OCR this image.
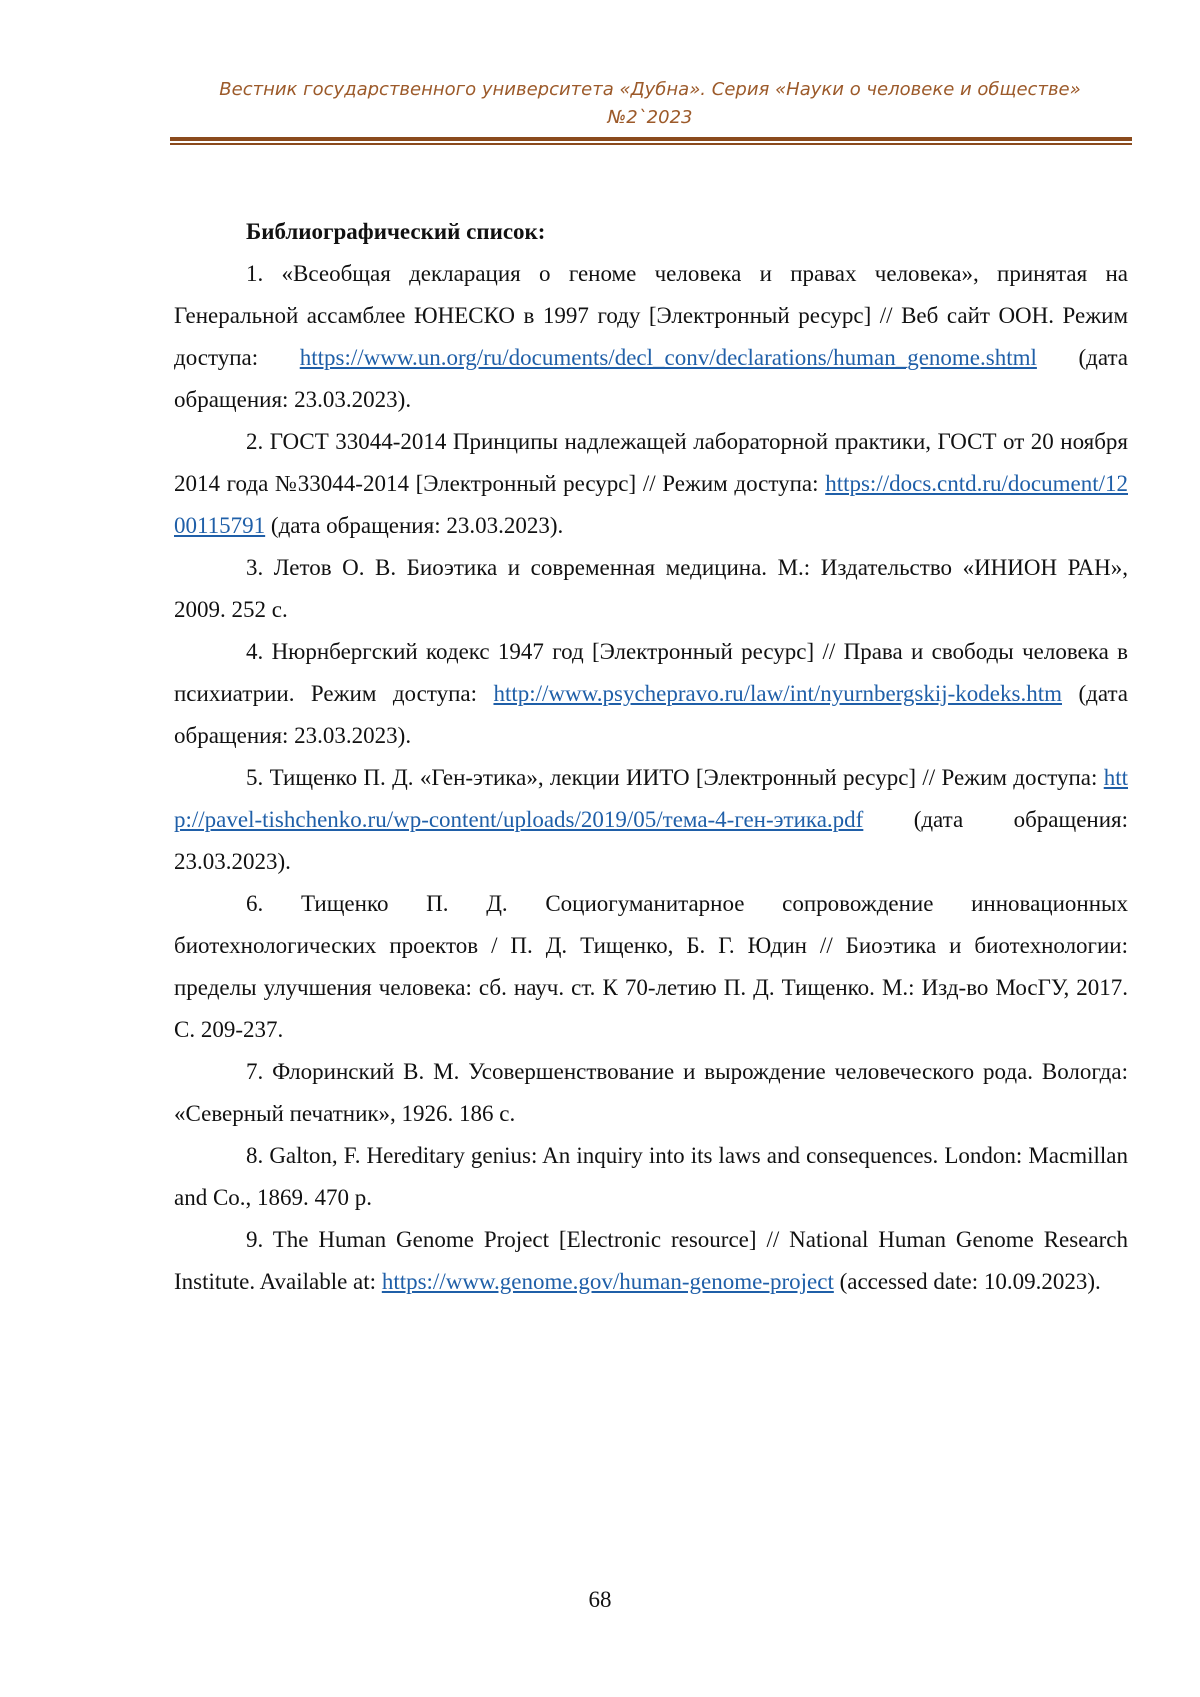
Вестник государственного университета «Дубна». Серия «Науки о человеке и обществе»
№2`2023

Библиографический список:

1. «Всеобщая декларация о геноме человека и правах человека», принятая на Генеральной ассамблее ЮНЕСКО в 1997 году [Электронный ресурс] // Веб сайт ООН. Режим доступа: https://www.un.org/ru/documents/decl_conv/declarations/human_genome.shtml (дата обращения: 23.03.2023).

2. ГОСТ 33044-2014 Принципы надлежащей лабораторной практики, ГОСТ от 20 ноября 2014 года №33044-2014 [Электронный ресурс] // Режим доступа: https://docs.cntd.ru/document/1200115791 (дата обращения: 23.03.2023).

3. Летов О. В. Биоэтика и современная медицина. М.: Издательство «ИНИОН РАН», 2009. 252 с.

4. Нюрнбергский кодекс 1947 год [Электронный ресурс] // Права и свободы человека в психиатрии. Режим доступа: http://www.psychepravo.ru/law/int/nyurnbergskij-kodeks.htm (дата обращения: 23.03.2023).

5. Тищенко П. Д. «Ген-этика», лекции ИИТО [Электронный ресурс] // Режим доступа: http://pavel-tishchenko.ru/wp-content/uploads/2019/05/тема-4-ген-этика.pdf (дата обращения: 23.03.2023).

6. Тищенко П. Д. Социогуманитарное сопровождение инновационных биотехнологических проектов / П. Д. Тищенко, Б. Г. Юдин // Биоэтика и биотехнологии: пределы улучшения человека: сб. науч. ст. К 70-летию П. Д. Тищенко. М.: Изд-во МосГУ, 2017. С. 209-237.

7. Флоринский В. М. Усовершенствование и вырождение человеческого рода. Вологда: «Северный печатник», 1926. 186 с.

8. Galton, F. Hereditary genius: An inquiry into its laws and consequences. London: Macmillan and Co., 1869. 470 p.

9. The Human Genome Project [Electronic resource] // National Human Genome Research Institute. Available at: https://www.genome.gov/human-genome-project (accessed date: 10.09.2023).

68
